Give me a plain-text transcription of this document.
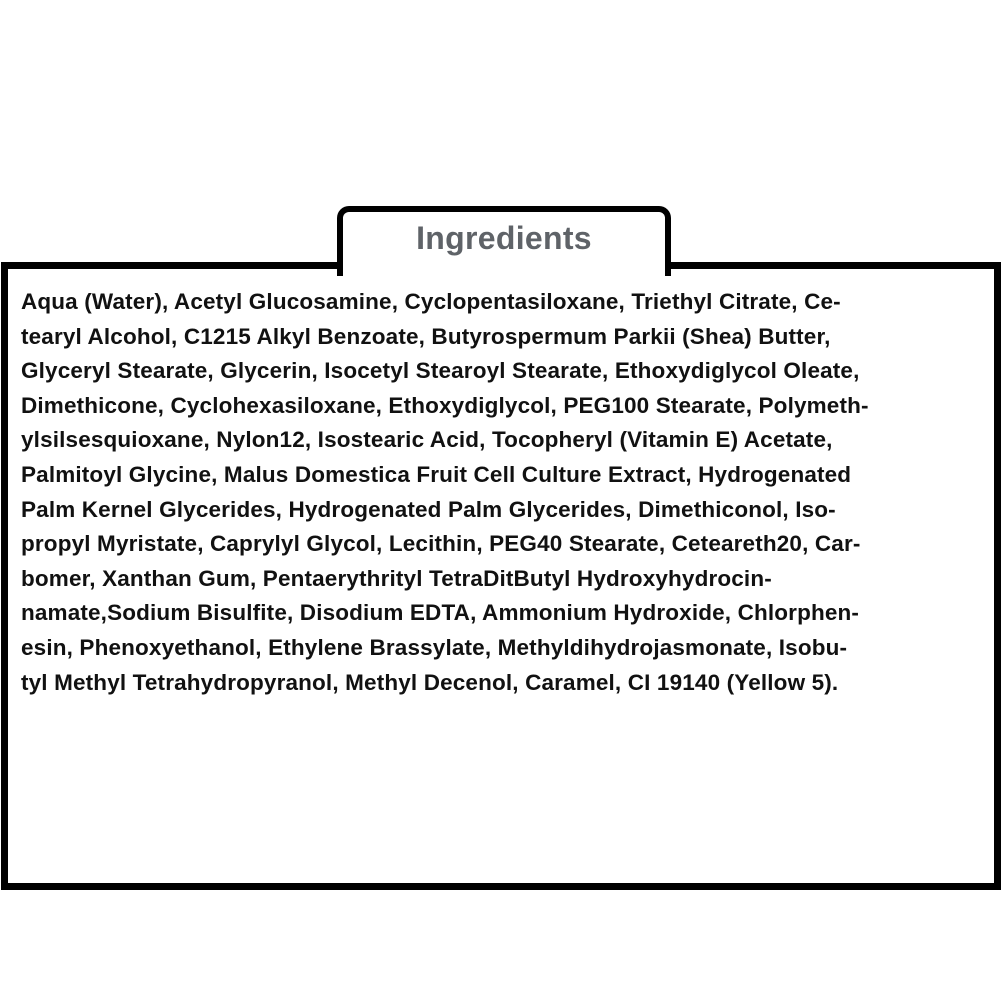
Ingredients

Aqua (Water), Acetyl Glucosamine, Cyclopentasiloxane, Triethyl Citrate, Ce-
tearyl Alcohol, C1215 Alkyl Benzoate, Butyrospermum Parkii (Shea) Butter,
Glyceryl Stearate, Glycerin, Isocetyl Stearoyl Stearate, Ethoxydiglycol Oleate,
Dimethicone, Cyclohexasiloxane, Ethoxydiglycol, PEG100 Stearate, Polymeth-
ylsilsesquioxane, Nylon12, Isostearic Acid, Tocopheryl (Vitamin E) Acetate,
Palmitoyl Glycine, Malus Domestica Fruit Cell Culture Extract, Hydrogenated
Palm Kernel Glycerides, Hydrogenated Palm Glycerides, Dimethiconol, Iso-
propyl Myristate, Caprylyl Glycol, Lecithin, PEG40 Stearate, Ceteareth20, Car-
bomer, Xanthan Gum, Pentaerythrityl TetraDitButyl Hydroxyhydrocin-
namate,Sodium Bisulfite, Disodium EDTA, Ammonium Hydroxide, Chlorphen-
esin, Phenoxyethanol, Ethylene Brassylate, Methyldihydrojasmonate, Isobu-
tyl Methyl Tetrahydropyranol, Methyl Decenol, Caramel, CI 19140 (Yellow 5).
